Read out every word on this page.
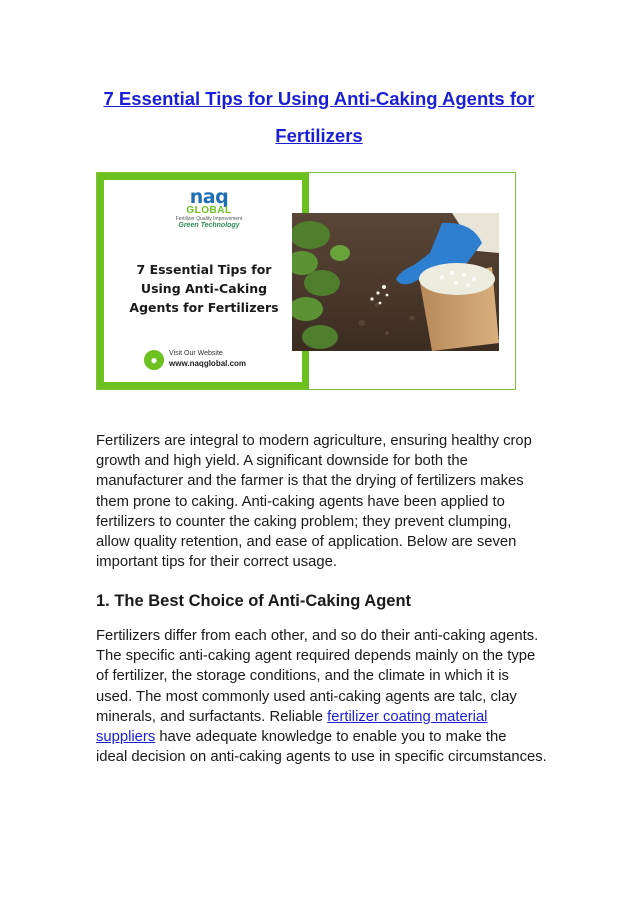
7 Essential Tips for Using Anti-Caking Agents for
Fertilizers
naq
GLOBAL
Fertilizer Quality Improvement
Green Technology
7 Essential Tips for
Using Anti-Caking
Agents for Fertilizers
●	Visit Our Website
www.naqglobal.com

Fertilizers are integral to modern agriculture, ensuring healthy crop
growth and high yield. A significant downside for both the
manufacturer and the farmer is that the drying of fertilizers makes
them prone to caking. Anti-caking agents have been applied to
fertilizers to counter the caking problem; they prevent clumping,
allow quality retention, and ease of application. Below are seven
important tips for their correct usage.

1. The Best Choice of Anti-Caking Agent

Fertilizers differ from each other, and so do their anti-caking agents.
The specific anti-caking agent required depends mainly on the type
of fertilizer, the storage conditions, and the climate in which it is
used. The most commonly used anti-caking agents are talc, clay
minerals, and surfactants. Reliable fertilizer coating material
suppliers have adequate knowledge to enable you to make the
ideal decision on anti-caking agents to use in specific circumstances.
